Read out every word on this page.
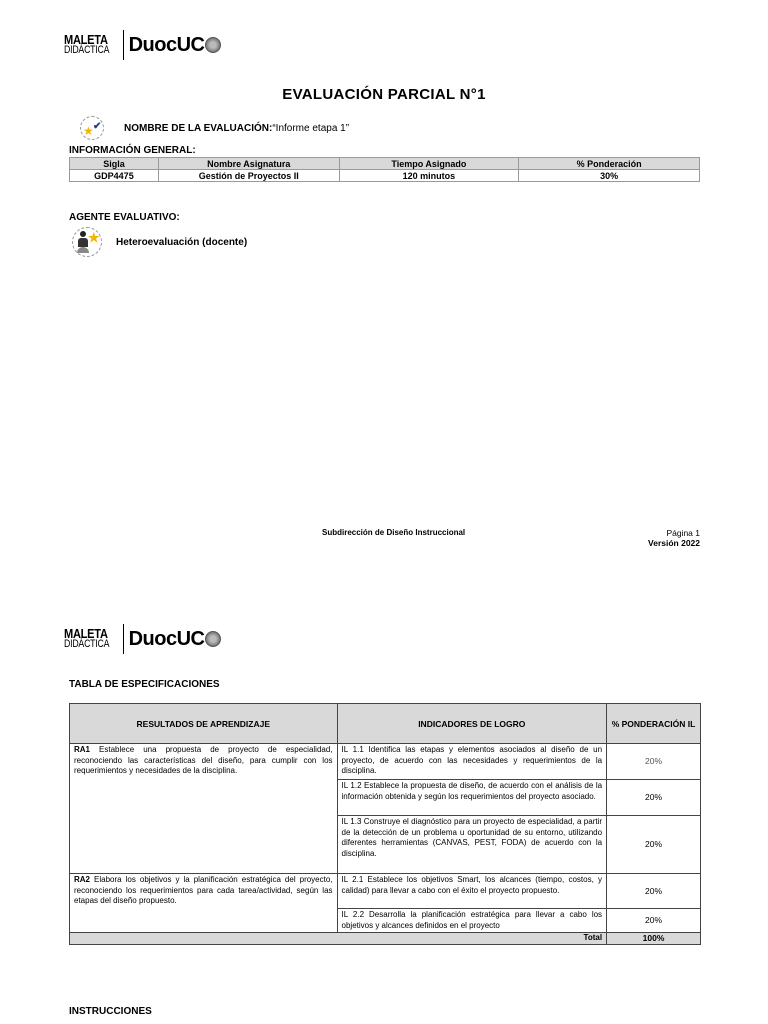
MALETA
DIDÁCTICA DuocUC
EVALUACIÓN PARCIAL N°1
★ ✔ NOMBRE DE LA EVALUACIÓN: “Informe etapa 1”
INFORMACIÓN GENERAL:
Sigla	Nombre Asignatura	Tiempo Asignado	% Ponderación
GDP4475	Gestión de Proyectos II	120 minutos	30%
AGENTE EVALUATIVO:
★ Heteroevaluación (docente)
Subdirección de Diseño Instruccional	Página 1
Versión 2022
MALETA
DIDÁCTICA DuocUC
TABLA DE ESPECIFICACIONES
RESULTADOS DE APRENDIZAJE	INDICADORES DE LOGRO	% PONDERACIÓN IL
RA1 Establece una propuesta de proyecto de especialidad, reconociendo las características del diseño, para cumplir con los requerimientos y necesidades de la disciplina.	IL 1.1 Identifica las etapas y elementos asociados al diseño de un proyecto, de acuerdo con las necesidades y requerimientos de la disciplina.	20%
	IL 1.2 Establece la propuesta de diseño, de acuerdo con el análisis de la información obtenida y según los requerimientos del proyecto asociado.	20%
	IL 1.3 Construye el diagnóstico para un proyecto de especialidad, a partir de la detección de un problema u oportunidad de su entorno, utilizando diferentes herramientas (CANVAS, PEST, FODA) de acuerdo con la disciplina.	20%
RA2 Elabora los objetivos y la planificación estratégica del proyecto, reconociendo los requerimientos para cada tarea/actividad, según las etapas del diseño propuesto.	IL 2.1 Establece los objetivos Smart, los alcances (tiempo, costos, y calidad) para llevar a cabo con el éxito el proyecto propuesto.	20%
	IL 2.2 Desarrolla la planificación estratégica para llevar a cabo los objetivos y alcances definidos en el proyecto	20%
Total		100%
INSTRUCCIONES
